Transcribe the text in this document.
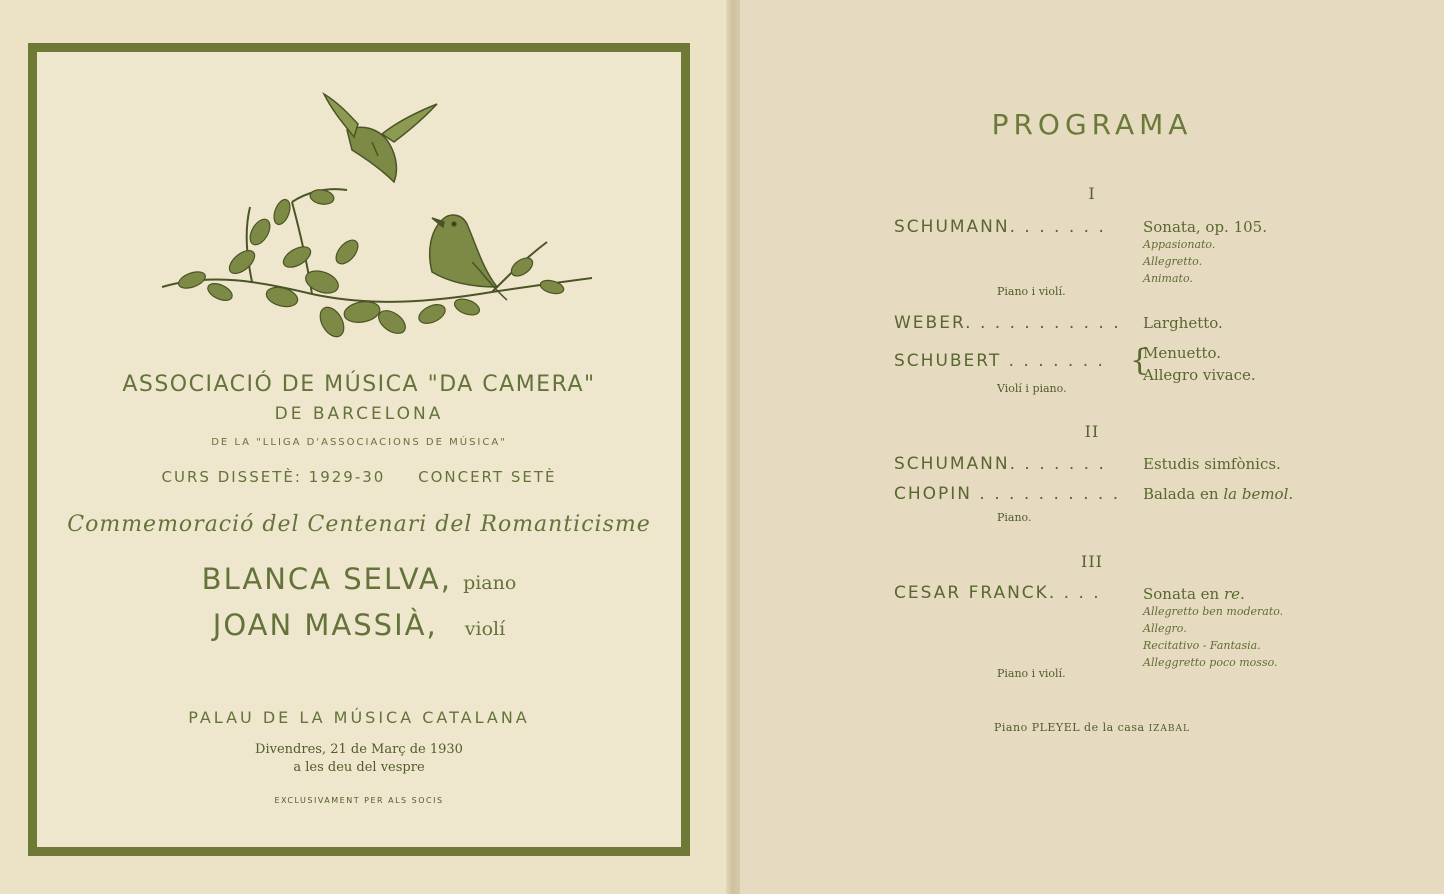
ASSOCIACIÓ DE MÚSICA "DA CAMERA"
DE BARCELONA
DE LA "LLIGA D'ASSOCIACIONS DE MÚSICA"
CURS DISSETÈ: 1929-30 CONCERT SETÈ
Commemoració del Centenari del Romanticisme
BLANCA SELVA, piano
JOAN MASSIÀ, violí
PALAU DE LA MÚSICA CATALANA
Divendres, 21 de Març de 1930
a les deu del vespre
EXCLUSIVAMENT PER ALS SOCIS
PROGRAMA
I
SCHUMANN. . . . . . . Sonata, op. 105.
Appasionato.
Allegretto.
Animato.
Piano i violí.
WEBER. . . . . . . . . . . Larghetto.
SCHUBERT . . . . . . . {
Menuetto.
Allegro vivace.
Violí i piano.
II
SCHUMANN. . . . . . . Estudis simfònics.
CHOPIN . . . . . . . . . . Balada en la bemol.
Piano.
III
CESAR FRANCK. . . .	Sonata en re.
Allegretto ben moderato.
Allegro.
Recitativo - Fantasia.
Alleggretto poco mosso.
Piano i violí.
Piano PLEYEL de la casa IZABAL
